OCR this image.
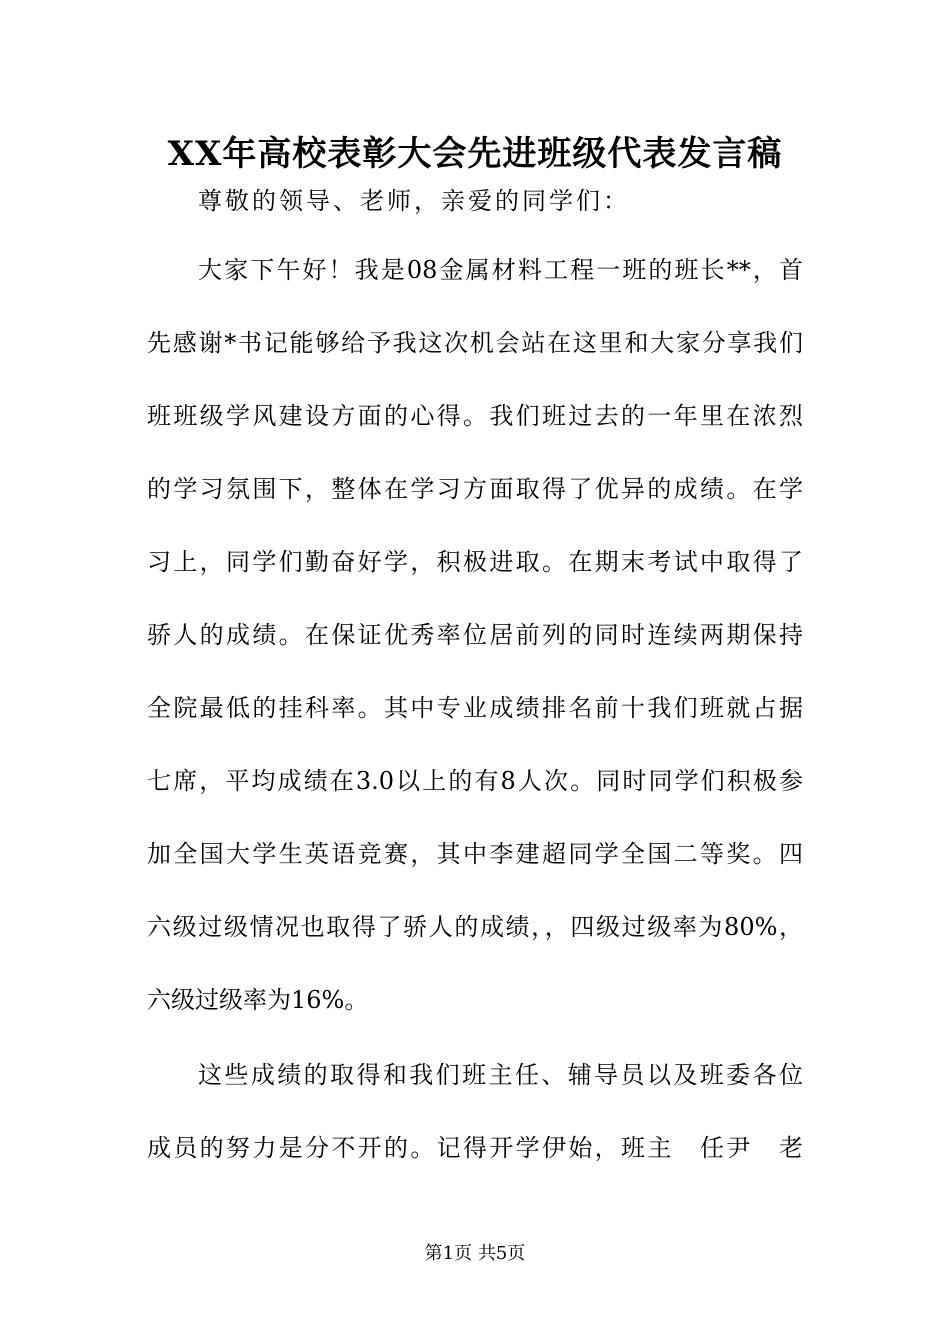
XX年高校表彰大会先进班级代表发言稿
尊敬的领导、老师，亲爱的同学们：
大家下午好！我是08金属材料工程一班的班长**，首
先感谢*书记能够给予我这次机会站在这里和大家分享我们
班班级学风建设方面的心得。我们班过去的一年里在浓烈
的学习氛围下，整体在学习方面取得了优异的成绩。在学
习上，同学们勤奋好学，积极进取。在期末考试中取得了
骄人的成绩。在保证优秀率位居前列的同时连续两期保持
全院最低的挂科率。其中专业成绩排名前十我们班就占据
七席，平均成绩在3.0以上的有8人次。同时同学们积极参
加全国大学生英语竞赛，其中李建超同学全国二等奖。四
六级过级情况也取得了骄人的成绩，，四级过级率为80%，
六级过级率为16%。
这些成绩的取得和我们班主任、辅导员以及班委各位
成员的努力是分不开的。记得开学伊始，班主　任尹　老
第1页 共5页
